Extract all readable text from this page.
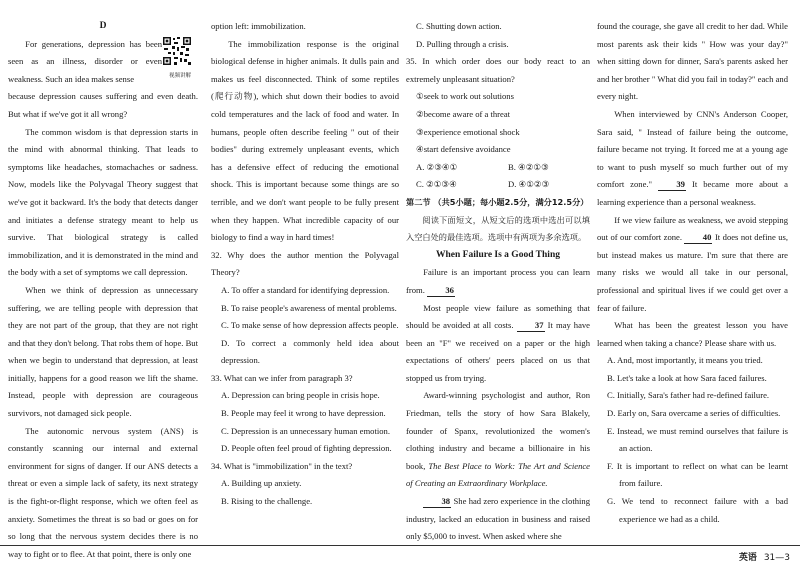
D
视频讲解
For generations, depression has been seen as an illness, disorder or even weakness. Such an idea makes sense
because depression causes suffering and even death. But what if we've got it all wrong?
The common wisdom is that depression starts in the mind with abnormal thinking. That leads to symptoms like headaches, stomachaches or sadness. Now, models like the Polyvagal Theory suggest that we've got it backward. It's the body that detects danger and initiates a defense strategy meant to help us survive. That biological strategy is called immobilization, and it is demonstrated in the mind and the body with a set of symptoms we call depression.
When we think of depression as unnecessary suffering, we are telling people with depression that they are not part of the group, that they are not right and that they don't belong. That robs them of hope. But when we begin to understand that depression, at least initially, happens for a good reason we lift the shame. Instead, people with depression are courageous survivors, not damaged sick people.
The autonomic nervous system (ANS) is constantly scanning our internal and external environment for signs of danger. If our ANS detects a threat or even a simple lack of safety, its next strategy is the fight-or-flight response, which we often feel as anxiety. Sometimes the threat is so bad or goes on for so long that the nervous system decides there is no way to fight or to flee. At that point, there is only one
option left: immobilization.
The immobilization response is the original biological defense in higher animals. It dulls pain and makes us feel disconnected. Think of some reptiles (爬行动物), which shut down their bodies to avoid cold temperatures and the lack of food and water. In humans, people often describe feeling " out of their bodies" during extremely unpleasant events, which has a defensive effect of reducing the emotional shock. This is important because some things are so terrible, and we don't want people to be fully present when they happen. What incredible capacity of our biology to find a way in hard times!
32. Why does the author mention the Polyvagal Theory?
A. To offer a standard for identifying depression.
B. To raise people's awareness of mental problems.
C. To make sense of how depression affects people.
D. To correct a commonly held idea about depression.
33. What can we infer from paragraph 3?
A. Depression can bring people in crisis hope.
B. People may feel it wrong to have depression.
C. Depression is an unnecessary human emotion.
D. People often feel proud of fighting depression.
34. What is "immobilization" in the text?
A. Building up anxiety.
B. Rising to the challenge.
C. Shutting down action.
D. Pulling through a crisis.
35. In which order does our body react to an extremely unpleasant situation?
①seek to work out solutions
②become aware of a threat
③experience emotional shock
④start defensive avoidance
A. ②③④①	B. ④②①③
C. ②①③④	D. ④①②③
第二节 （共5小题；每小题2.5分，满分12.5分）
阅读下面短文，从短文后的选项中选出可以填入空白处的最佳选项。选项中有两项为多余选项。
When Failure Is a Good Thing
Failure is an important process you can learn from. 36
Most people view failure as something that should be avoided at all costs. 37 It may have been an "F" we received on a paper or the high expectations of others' peers placed on us that stopped us from trying.
Award-winning psychologist and author, Ron Friedman, tells the story of how Sara Blakely, founder of Spanx, revolutionized the women's clothing industry and became a billionaire in his book, The Best Place to Work: The Art and Science of Creating an Extraordinary Workplace.
38 She had zero experience in the clothing industry, lacked an education in business and raised only $5,000 to invest. When asked where she
found the courage, she gave all credit to her dad. While most parents ask their kids " How was your day?" when sitting down for dinner, Sara's parents asked her and her brother " What did you fail in today?" each and every night.
When interviewed by CNN's Anderson Cooper, Sara said, " Instead of failure being the outcome, failure became not trying. It forced me at a young age to want to push myself so much further out of my comfort zone."	39 It became more about a learning experience than a personal weakness.
If we view failure as weakness, we avoid stepping out of our comfort zone. 40 It does not define us, but instead makes us mature. I'm sure that there are many risks we would all take in our personal, professional and spiritual lives if we could get over a fear of failure.
What has been the greatest lesson you have learned when taking a chance? Please share with us.
A. And, most importantly, it means you tried.
B. Let's take a look at how Sara faced failures.
C. Initially, Sara's father had re-defined failure.
D. Early on, Sara overcame a series of difficulties.
E. Instead, we must remind ourselves that failure is an action.
F. It is important to reflect on what can be learnt from failure.
G. We tend to reconnect failure with a bad experience we had as a child.
英语 31—3
